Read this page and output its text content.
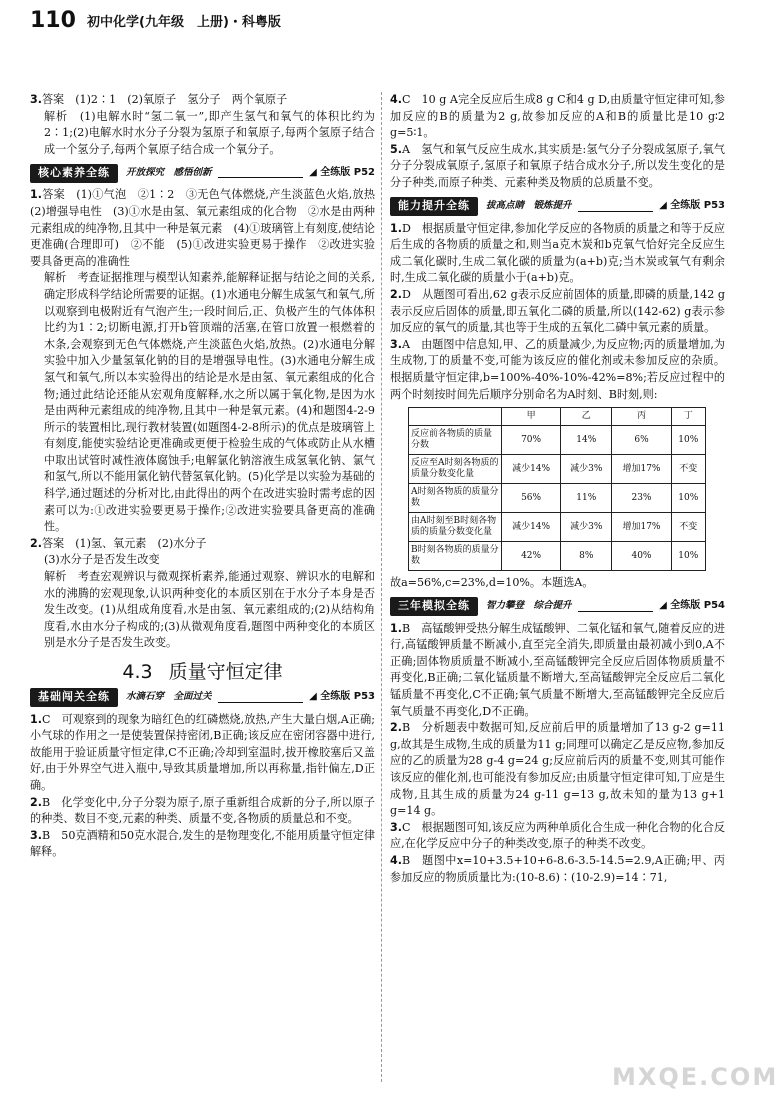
110 初中化学(九年级　上册)・科粤版

3.答案　(1)2∶1　(2)氧原子　氢分子　两个氧原子

解析　(1)电解水时“氢二氧一”,即产生氢气和氧气的体积比约为2∶1;(2)电解水时水分子分裂为氢原子和氧原子,每两个氢原子结合成一个氢分子,每两个氧原子结合成一个氧分子。

核心素养全练	开放探究　感悟创新	◢ 全练版 P52

1.答案　(1)①气泡　②1∶2　③无色气体燃烧,产生淡蓝色火焰,放热　(2)增强导电性　(3)①水是由氢、氧元素组成的化合物　②水是由两种元素组成的纯净物,且其中一种是氧元素　(4)①玻璃管上有刻度,使结论更准确(合理即可)　②不能　(5)①改进实验更易于操作　②改进实验要具备更高的准确性

解析　考查证据推理与模型认知素养,能解释证据与结论之间的关系,确定形成科学结论所需要的证据。(1)水通电分解生成氢气和氧气,所以观察到电极附近有气泡产生;一段时间后,正、负极产生的气体体积比约为1∶2;切断电源,打开b管顶端的活塞,在管口放置一根燃着的木条,会观察到无色气体燃烧,产生淡蓝色火焰,放热。(2)水通电分解实验中加入少量氢氧化钠的目的是增强导电性。(3)水通电分解生成氢气和氧气,所以本实验得出的结论是水是由氢、氧元素组成的化合物;通过此结论还能从宏观角度解释,水之所以属于氧化物,是因为水是由两种元素组成的纯净物,且其中一种是氧元素。(4)和题图4-2-9所示的装置相比,现行教材装置(如题图4-2-8所示)的优点是玻璃管上有刻度,能使实验结论更准确或更便于检验生成的气体或防止从水槽中取出试管时减性液体腐蚀手;电解氯化钠溶液生成氢氧化钠、氯气和氢气,所以不能用氯化钠代替氢氧化钠。(5)化学是以实验为基础的科学,通过题述的分析对比,由此得出的两个在改进实验时需考虑的因素可以为:①改进实验要更易于操作;②改进实验要具备更高的准确性。

2.答案　(1)氢、氧元素　(2)水分子

(3)水分子是否发生改变

解析　考查宏观辨识与微观探析素养,能通过观察、辨识水的电解和水的沸腾的宏观现象,认识两种变化的本质区别在于水分子本身是否发生改变。(1)从组成角度看,水是由氢、氧元素组成的;(2)从结构角度看,水由水分子构成的;(3)从微观角度看,题图中两种变化的本质区别是水分子是否发生改变。

4.3 质量守恒定律
基础闯关全练	水滴石穿　全面过关	◢ 全练版 P53

1.C　可观察到的现象为暗红色的红磷燃烧,放热,产生大量白烟,A正确;小气球的作用之一是使装置保持密闭,B正确;该反应在密闭容器中进行,故能用于验证质量守恒定律,C不正确;冷却到室温时,拔开橡胶塞后又盖好,由于外界空气进入瓶中,导致其质量增加,所以再称量,指针偏左,D正确。

2.B　化学变化中,分子分裂为原子,原子重新组合成新的分子,所以原子的种类、数目不变,元素的种类、质量不变,各物质的质量总和不变。

3.B　50克酒精和50克水混合,发生的是物理变化,不能用质量守恒定律解释。

4.C　10 g A完全反应后生成8 g C和4 g D,由质量守恒定律可知,参加反应的B的质量为2 g,故参加反应的A和B的质量比是10 g∶2 g=5∶1。

5.A　氢气和氧气反应生成水,其实质是:氢气分子分裂成氢原子,氧气分子分裂成氧原子,氢原子和氧原子结合成水分子,所以发生变化的是分子种类,而原子种类、元素种类及物质的总质量不变。

能力提升全练	拔高点睛　锻炼提升	◢ 全练版 P53

1.D　根据质量守恒定律,参加化学反应的各物质的质量之和等于反应后生成的各物质的质量之和,则当a克木炭和b克氧气恰好完全反应生成二氧化碳时,生成二氧化碳的质量为(a+b)克;当木炭或氧气有剩余时,生成二氧化碳的质量小于(a+b)克。

2.D　从题图可看出,62 g表示反应前固体的质量,即磷的质量,142 g表示反应后固体的质量,即五氧化二磷的质量,所以(142-62) g表示参加反应的氧气的质量,其也等于生成的五氧化二磷中氧元素的质量。

3.A　由题图中信息知,甲、乙的质量减少,为反应物;丙的质量增加,为生成物,丁的质量不变,可能为该反应的催化剂或未参加反应的杂质。根据质量守恒定律,b=100%-40%-10%-42%=8%;若反应过程中的两个时刻按时间先后顺序分别命名为A时刻、B时刻,则:

	甲	乙	丙	丁
反应前各物质的质量分数	70%	14%	6%	10%
反应至A时刻各物质的质量分数变化量	减少14%	减少3%	增加17%	不变
A时刻各物质的质量分数	56%	11%	23%	10%
由A时刻至B时刻各物质的质量分数变化量	减少14%	减少3%	增加17%	不变
B时刻各物质的质量分数	42%	8%	40%	10%

故a=56%,c=23%,d=10%。本题选A。

三年模拟全练	智力攀登　综合提升	◢ 全练版 P54

1.B　高锰酸钾受热分解生成锰酸钾、二氧化锰和氧气,随着反应的进行,高锰酸钾质量不断减小,直至完全消失,即质量由最初减小到0,A不正确;固体物质质量不断减小,至高锰酸钾完全反应后固体物质质量不再变化,B正确;二氧化锰质量不断增大,至高锰酸钾完全反应后二氧化锰质量不再变化,C不正确;氧气质量不断增大,至高锰酸钾完全反应后氧气质量不再变化,D不正确。

2.B　分析题表中数据可知,反应前后甲的质量增加了13 g-2 g=11 g,故其是生成物,生成的质量为11 g;同理可以确定乙是反应物,参加反应的乙的质量为28 g-4 g=24 g;反应前后丙的质量不变,则其可能作该反应的催化剂,也可能没有参加反应;由质量守恒定律可知,丁应是生成物,且其生成的质量为24 g-11 g=13 g,故未知的量为13 g+1 g=14 g。

3.C　根据题图可知,该反应为两种单质化合生成一种化合物的化合反应,在化学反应中分子的种类改变,原子的种类不改变。

4.B　题图中x=10+3.5+10+6-8.6-3.5-14.5=2.9,A正确;甲、丙参加反应的物质质量比为:(10-8.6)∶(10-2.9)=14∶71,

MXQE.COM
